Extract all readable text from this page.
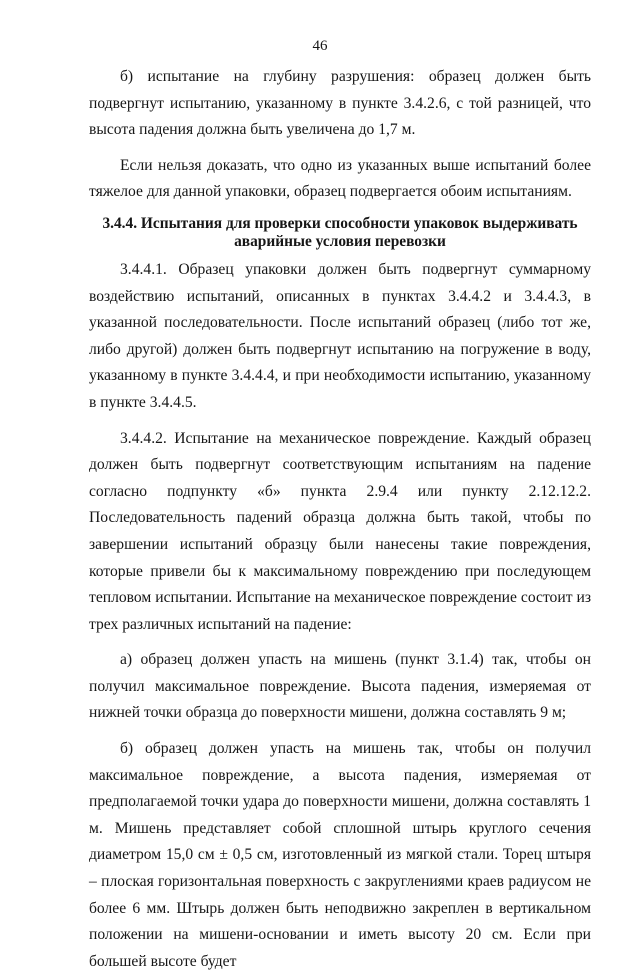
46

б) испытание на глубину разрушения: образец должен быть подвергнут испытанию, указанному в пункте 3.4.2.6, с той разницей, что высота падения должна быть увеличена до 1,7 м.

Если нельзя доказать, что одно из указанных выше испытаний более тяжелое для данной упаковки, образец подвергается обоим испытаниям.

3.4.4. Испытания для проверки способности упаковок выдерживать
аварийные условия перевозки

3.4.4.1. Образец упаковки должен быть подвергнут суммарному воздействию испытаний, описанных в пунктах 3.4.4.2 и 3.4.4.3, в указанной последовательности. После испытаний образец (либо тот же, либо другой) должен быть подвергнут испытанию на погружение в воду, указанному в пункте 3.4.4.4, и при необходимости испытанию, указанному в пункте 3.4.4.5.

3.4.4.2. Испытание на механическое повреждение. Каждый образец должен быть подвергнут соответствующим испытаниям на падение согласно подпункту «б» пункта 2.9.4 или пункту 2.12.12.2. Последовательность падений образца должна быть такой, чтобы по завершении испытаний образцу были нанесены такие повреждения, которые привели бы к максимальному повреждению при последующем тепловом испытании. Испытание на механическое повреждение состоит из трех различных испытаний на падение:

а) образец должен упасть на мишень (пункт 3.1.4) так, чтобы он получил максимальное повреждение. Высота падения, измеряемая от нижней точки образца до поверхности мишени, должна составлять 9 м;

б) образец должен упасть на мишень так, чтобы он получил максимальное повреждение, а высота падения, измеряемая от предполагаемой точки удара до поверхности мишени, должна составлять 1 м. Мишень представляет собой сплошной штырь круглого сечения диаметром 15,0 см ± 0,5 см, изготовленный из мягкой стали. Торец штыря – плоская горизонтальная поверхность с закруглениями краев радиусом не более 6 мм. Штырь должен быть неподвижно закреплен в вертикальном положении на мишени-основании и иметь высоту 20 см. Если при большей высоте будет
